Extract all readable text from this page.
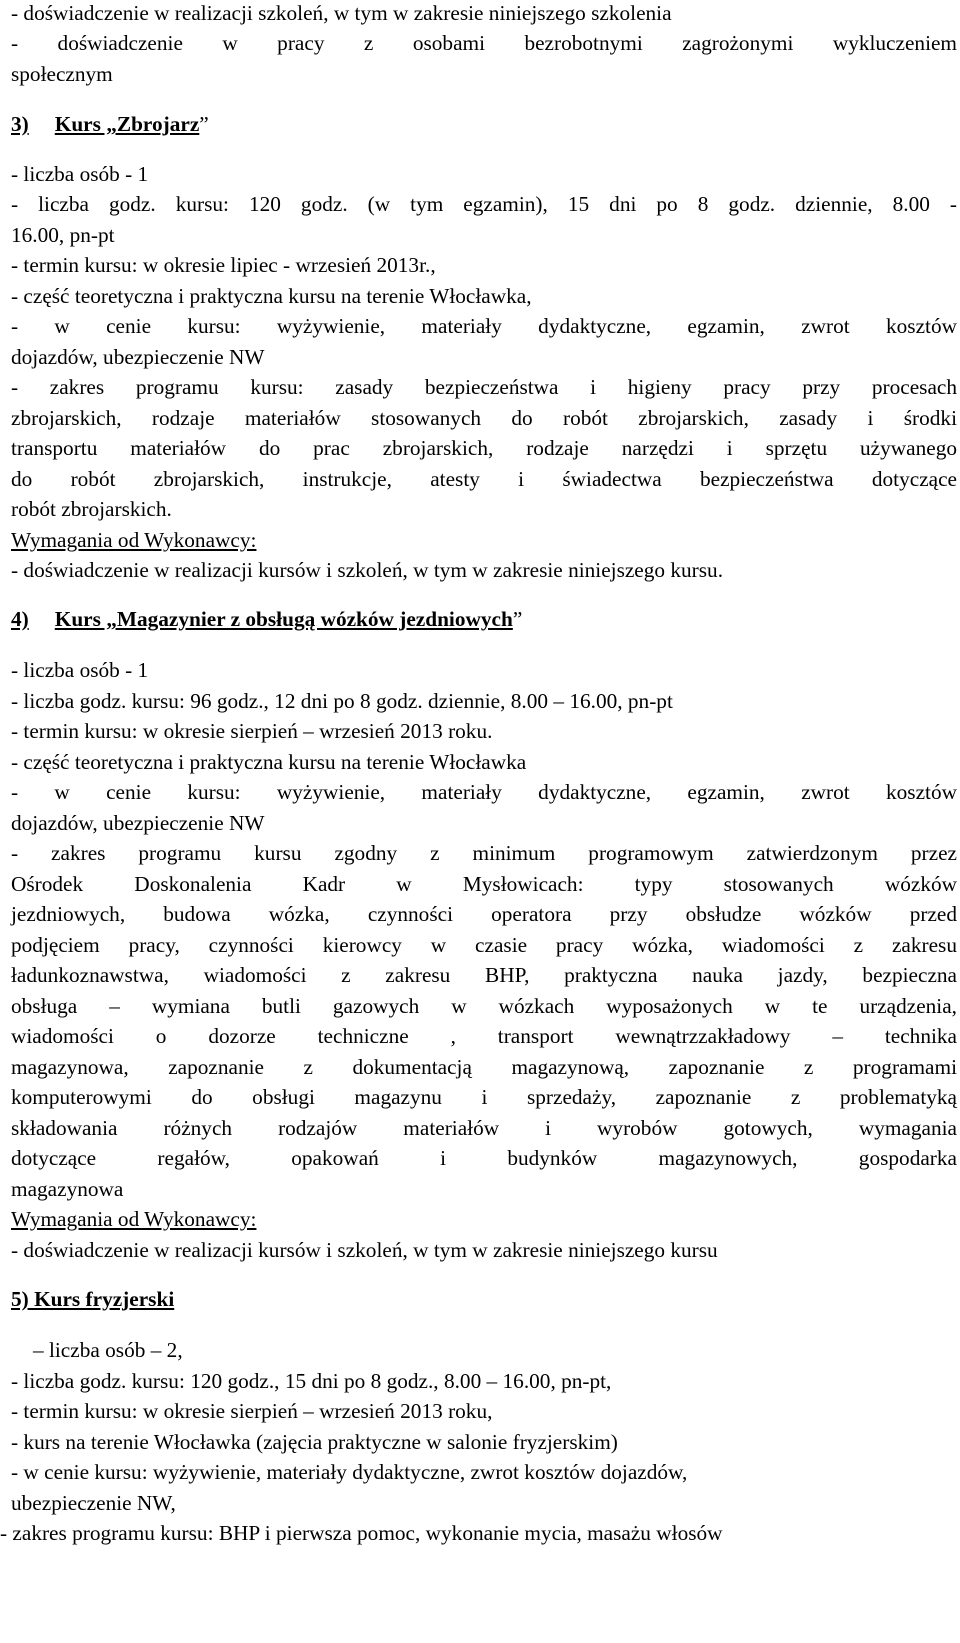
- doświadczenie w realizacji szkoleń, w tym w zakresie niniejszego szkolenia
- doświadczenie w pracy z osobami bezrobotnymi zagrożonymi wykluczeniem
społecznym
3) Kurs „Zbrojarz”
- liczba osób - 1
- liczba godz. kursu: 120 godz. (w tym egzamin), 15 dni po 8 godz. dziennie, 8.00 -
16.00, pn-pt
- termin kursu: w okresie lipiec - wrzesień 2013r.,
- część teoretyczna i praktyczna kursu na terenie Włocławka,
- w cenie kursu: wyżywienie, materiały dydaktyczne, egzamin, zwrot kosztów
dojazdów, ubezpieczenie NW
- zakres programu kursu: zasady bezpieczeństwa i higieny pracy przy procesach
zbrojarskich, rodzaje materiałów stosowanych do robót zbrojarskich, zasady i środki
transportu materiałów do prac zbrojarskich, rodzaje narzędzi i sprzętu używanego
do robót zbrojarskich, instrukcje, atesty i świadectwa bezpieczeństwa dotyczące
robót zbrojarskich.
Wymagania od Wykonawcy:
- doświadczenie w realizacji kursów i szkoleń, w tym w zakresie niniejszego kursu.
4) Kurs „Magazynier z obsługą wózków jezdniowych”
- liczba osób - 1
- liczba godz. kursu: 96 godz., 12 dni po 8 godz. dziennie, 8.00 – 16.00, pn-pt
- termin kursu: w okresie sierpień – wrzesień 2013 roku.
- część teoretyczna i praktyczna kursu na terenie Włocławka
- w cenie kursu: wyżywienie, materiały dydaktyczne, egzamin, zwrot kosztów
dojazdów, ubezpieczenie NW
- zakres programu kursu zgodny z minimum programowym zatwierdzonym przez
Ośrodek Doskonalenia Kadr w Mysłowicach: typy stosowanych wózków
jezdniowych, budowa wózka, czynności operatora przy obsłudze wózków przed
podjęciem pracy, czynności kierowcy w czasie pracy wózka, wiadomości z zakresu
ładunkoznawstwa, wiadomości z zakresu BHP, praktyczna nauka jazdy, bezpieczna
obsługa – wymiana butli gazowych w wózkach wyposażonych w te urządzenia,
wiadomości o dozorze techniczne , transport wewnątrzzakładowy – technika
magazynowa, zapoznanie z dokumentacją magazynową, zapoznanie z programami
komputerowymi do obsługi magazynu i sprzedaży, zapoznanie z problematyką
składowania różnych rodzajów materiałów i wyrobów gotowych, wymagania
dotyczące regałów, opakowań i budynków magazynowych, gospodarka
magazynowa
Wymagania od Wykonawcy:
- doświadczenie w realizacji kursów i szkoleń, w tym w zakresie niniejszego kursu
5) Kurs fryzjerski
– liczba osób – 2,
- liczba godz. kursu: 120 godz., 15 dni po 8 godz., 8.00 – 16.00, pn-pt,
- termin kursu: w okresie sierpień – wrzesień 2013 roku,
- kurs na terenie Włocławka (zajęcia praktyczne w salonie fryzjerskim)
- w cenie kursu: wyżywienie, materiały dydaktyczne, zwrot kosztów dojazdów,
ubezpieczenie NW,
- zakres programu kursu: BHP i pierwsza pomoc, wykonanie mycia, masażu włosów
